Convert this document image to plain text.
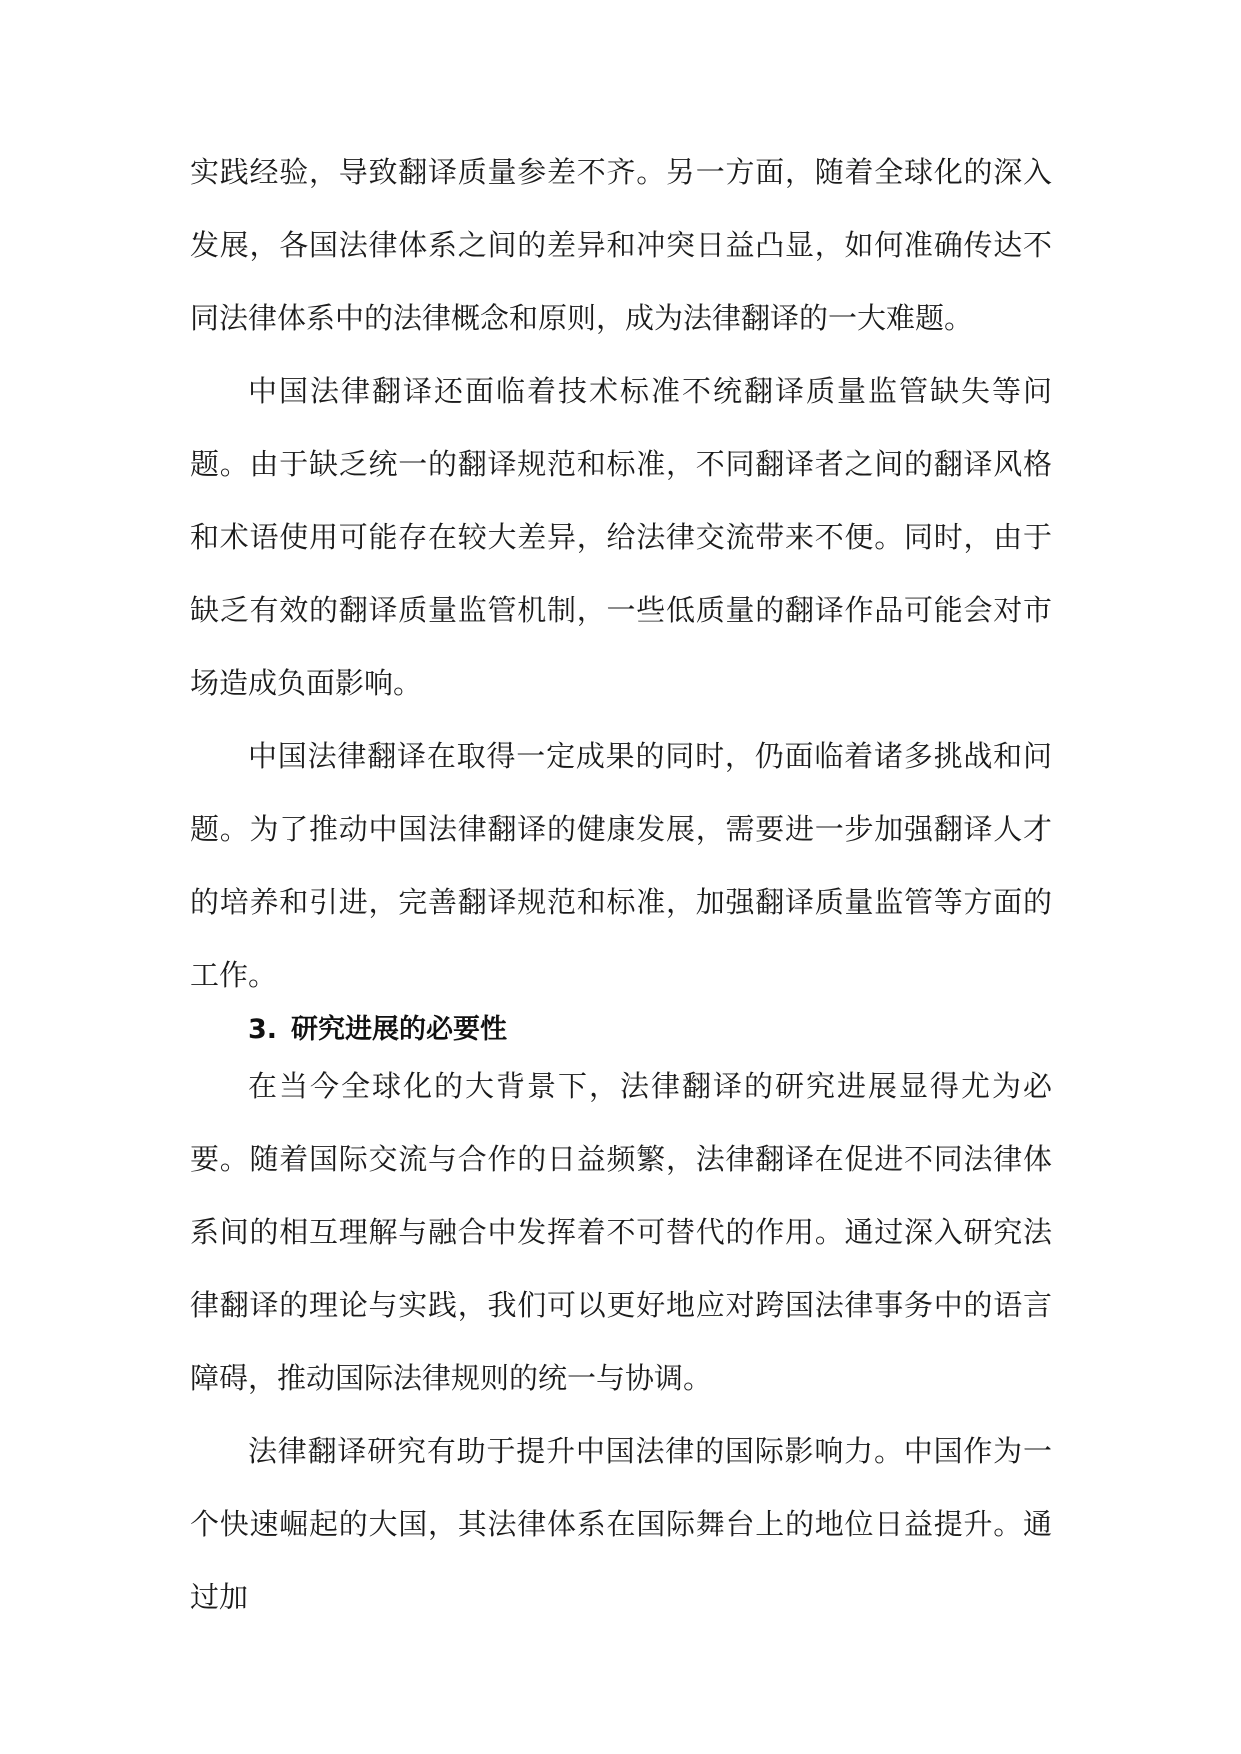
实践经验，导致翻译质量参差不齐。另一方面，随着全球化的深入发展，各国法律体系之间的差异和冲突日益凸显，如何准确传达不同法律体系中的法律概念和原则，成为法律翻译的一大难题。

中国法律翻译还面临着技术标准不统翻译质量监管缺失等问题。由于缺乏统一的翻译规范和标准，不同翻译者之间的翻译风格和术语使用可能存在较大差异，给法律交流带来不便。同时，由于缺乏有效的翻译质量监管机制，一些低质量的翻译作品可能会对市场造成负面影响。

中国法律翻译在取得一定成果的同时，仍面临着诸多挑战和问题。为了推动中国法律翻译的健康发展，需要进一步加强翻译人才的培养和引进，完善翻译规范和标准，加强翻译质量监管等方面的工作。

3. 研究进展的必要性

在当今全球化的大背景下，法律翻译的研究进展显得尤为必要。随着国际交流与合作的日益频繁，法律翻译在促进不同法律体系间的相互理解与融合中发挥着不可替代的作用。通过深入研究法律翻译的理论与实践，我们可以更好地应对跨国法律事务中的语言障碍，推动国际法律规则的统一与协调。

法律翻译研究有助于提升中国法律的国际影响力。中国作为一个快速崛起的大国，其法律体系在国际舞台上的地位日益提升。通过加
